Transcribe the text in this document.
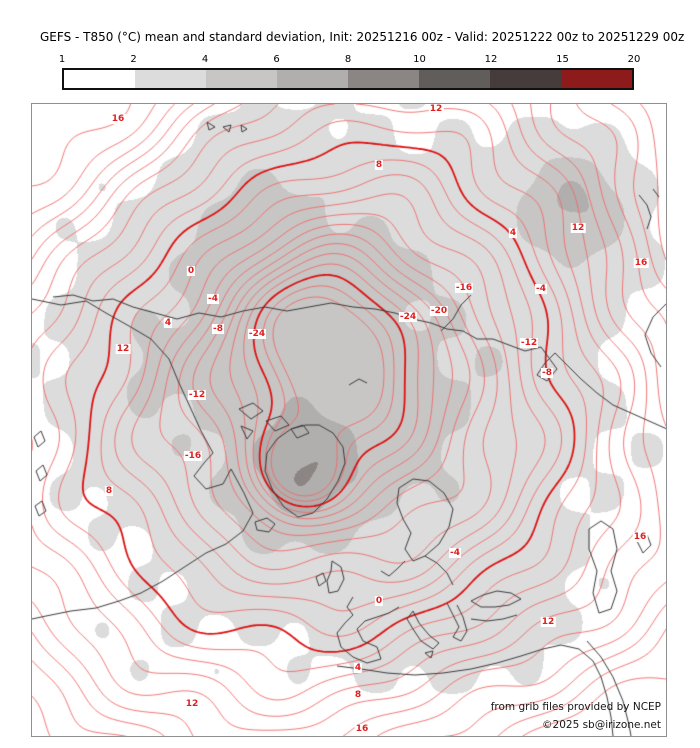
GEFS - T850 (°C) mean and standard deviation, Init: 20251216 00z - Valid: 20251222 00z to 20251229 00z
1	2	4	6	8	10	12	15	20
from grib files provided by NCEP
©2025 sb@irizone.net
16
12
8
12
16
4
-4
-16
-20
-24
-24
-8
4
12
0
-4
-12
-12
-8
-16
8
12
-4
0
4
8
12
16
16
